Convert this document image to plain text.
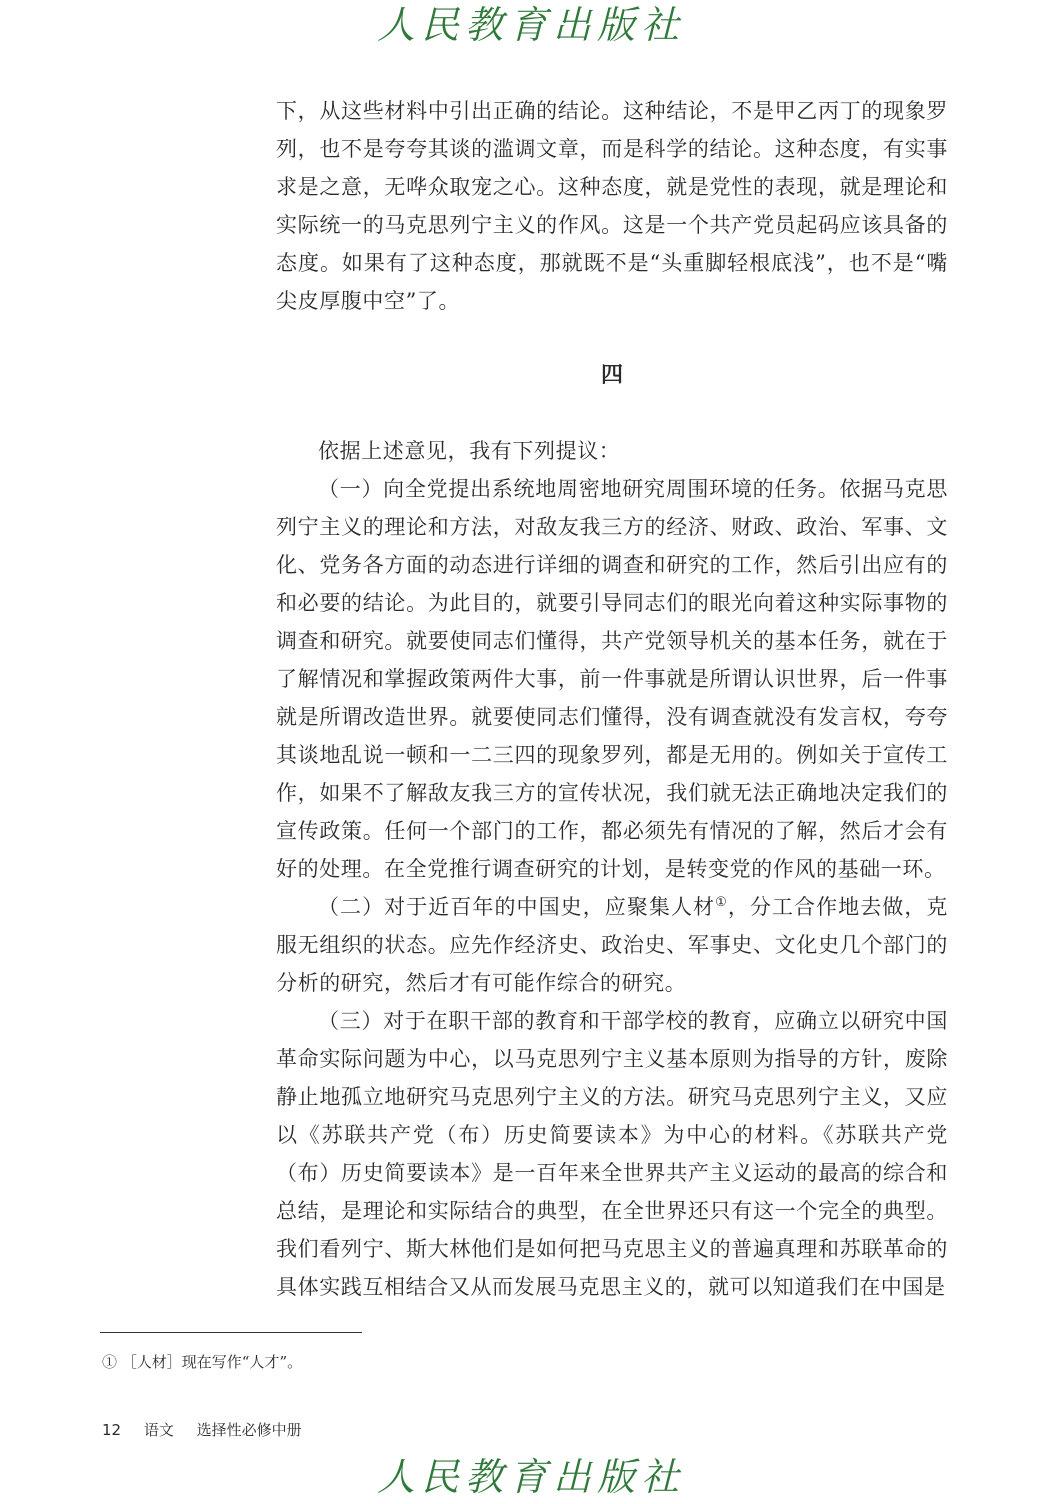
人民教育出版社

下，从这些材料中引出正确的结论。这种结论，不是甲乙丙丁的现象罗列，也不是夸夸其谈的滥调文章，而是科学的结论。这种态度，有实事求是之意，无哗众取宠之心。这种态度，就是党性的表现，就是理论和实际统一的马克思列宁主义的作风。这是一个共产党员起码应该具备的态度。如果有了这种态度，那就既不是“头重脚轻根底浅”，也不是“嘴尖皮厚腹中空”了。

四

依据上述意见，我有下列提议：

（一）向全党提出系统地周密地研究周围环境的任务。依据马克思列宁主义的理论和方法，对敌友我三方的经济、财政、政治、军事、文化、党务各方面的动态进行详细的调查和研究的工作，然后引出应有的和必要的结论。为此目的，就要引导同志们的眼光向着这种实际事物的调查和研究。就要使同志们懂得，共产党领导机关的基本任务，就在于了解情况和掌握政策两件大事，前一件事就是所谓认识世界，后一件事就是所谓改造世界。就要使同志们懂得，没有调查就没有发言权，夸夸其谈地乱说一顿和一二三四的现象罗列，都是无用的。例如关于宣传工作，如果不了解敌友我三方的宣传状况，我们就无法正确地决定我们的宣传政策。任何一个部门的工作，都必须先有情况的了解，然后才会有好的处理。在全党推行调查研究的计划，是转变党的作风的基础一环。

（二）对于近百年的中国史，应聚集人材①，分工合作地去做，克服无组织的状态。应先作经济史、政治史、军事史、文化史几个部门的分析的研究，然后才有可能作综合的研究。

（三）对于在职干部的教育和干部学校的教育，应确立以研究中国革命实际问题为中心，以马克思列宁主义基本原则为指导的方针，废除静止地孤立地研究马克思列宁主义的方法。研究马克思列宁主义，又应以《苏联共产党（布）历史简要读本》为中心的材料。《苏联共产党（布）历史简要读本》是一百年来全世界共产主义运动的最高的综合和总结，是理论和实际结合的典型，在全世界还只有这一个完全的典型。我们看列宁、斯大林他们是如何把马克思主义的普遍真理和苏联革命的具体实践互相结合又从而发展马克思主义的，就可以知道我们在中国是

① ［人材］现在写作“人才”。
12 语文 选择性必修中册
人民教育出版社
